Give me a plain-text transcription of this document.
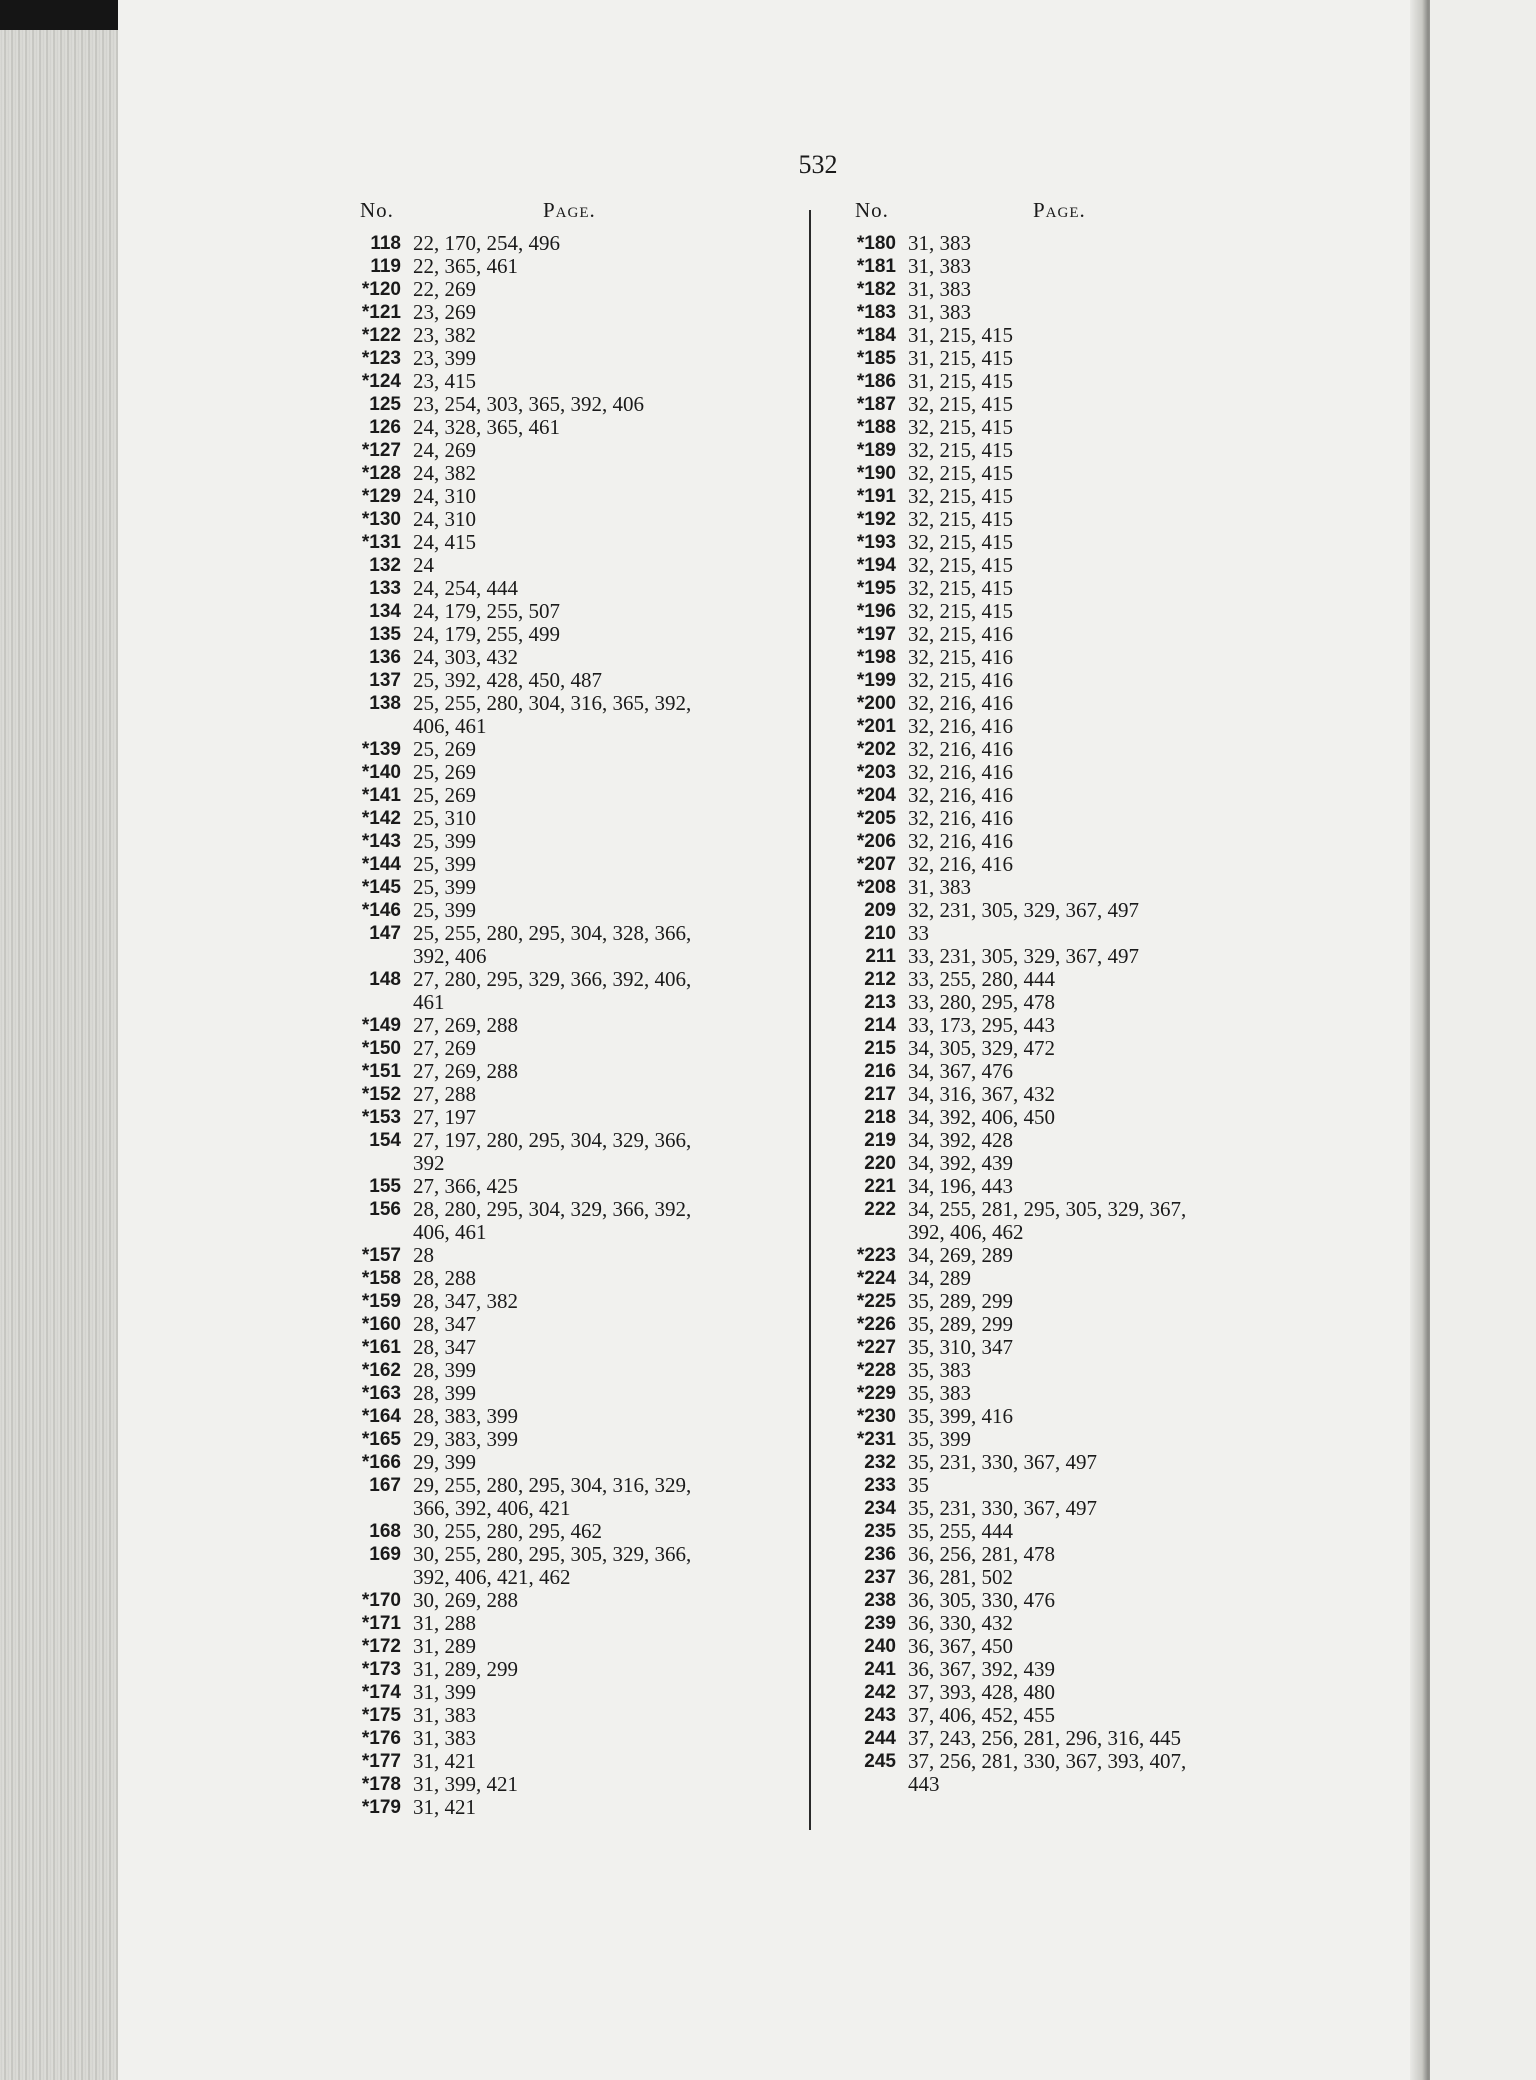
532
No.	Page.
118 22, 170, 254, 496
119 22, 365, 461
*120 22, 269
*121 23, 269
*122 23, 382
*123 23, 399
*124 23, 415
125 23, 254, 303, 365, 392, 406
126 24, 328, 365, 461
*127 24, 269
*128 24, 382
*129 24, 310
*130 24, 310
*131 24, 415
132 24
133 24, 254, 444
134 24, 179, 255, 507
135 24, 179, 255, 499
136 24, 303, 432
137 25, 392, 428, 450, 487
138 25, 255, 280, 304, 316, 365, 392,
406, 461
*139 25, 269
*140 25, 269
*141 25, 269
*142 25, 310
*143 25, 399
*144 25, 399
*145 25, 399
*146 25, 399
147 25, 255, 280, 295, 304, 328, 366,
392, 406
148 27, 280, 295, 329, 366, 392, 406,
461
*149 27, 269, 288
*150 27, 269
*151 27, 269, 288
*152 27, 288
*153 27, 197
154 27, 197, 280, 295, 304, 329, 366,
392
155 27, 366, 425
156 28, 280, 295, 304, 329, 366, 392,
406, 461
*157 28
*158 28, 288
*159 28, 347, 382
*160 28, 347
*161 28, 347
*162 28, 399
*163 28, 399
*164 28, 383, 399
*165 29, 383, 399
*166 29, 399
167 29, 255, 280, 295, 304, 316, 329,
366, 392, 406, 421
168 30, 255, 280, 295, 462
169 30, 255, 280, 295, 305, 329, 366,
392, 406, 421, 462
*170 30, 269, 288
*171 31, 288
*172 31, 289
*173 31, 289, 299
*174 31, 399
*175 31, 383
*176 31, 383
*177 31, 421
*178 31, 399, 421
*179 31, 421
No.	Page.
*180 31, 383
*181 31, 383
*182 31, 383
*183 31, 383
*184 31, 215, 415
*185 31, 215, 415
*186 31, 215, 415
*187 32, 215, 415
*188 32, 215, 415
*189 32, 215, 415
*190 32, 215, 415
*191 32, 215, 415
*192 32, 215, 415
*193 32, 215, 415
*194 32, 215, 415
*195 32, 215, 415
*196 32, 215, 415
*197 32, 215, 416
*198 32, 215, 416
*199 32, 215, 416
*200 32, 216, 416
*201 32, 216, 416
*202 32, 216, 416
*203 32, 216, 416
*204 32, 216, 416
*205 32, 216, 416
*206 32, 216, 416
*207 32, 216, 416
*208 31, 383
209 32, 231, 305, 329, 367, 497
210 33
211 33, 231, 305, 329, 367, 497
212 33, 255, 280, 444
213 33, 280, 295, 478
214 33, 173, 295, 443
215 34, 305, 329, 472
216 34, 367, 476
217 34, 316, 367, 432
218 34, 392, 406, 450
219 34, 392, 428
220 34, 392, 439
221 34, 196, 443
222 34, 255, 281, 295, 305, 329, 367,
392, 406, 462
*223 34, 269, 289
*224 34, 289
*225 35, 289, 299
*226 35, 289, 299
*227 35, 310, 347
*228 35, 383
*229 35, 383
*230 35, 399, 416
*231 35, 399
232 35, 231, 330, 367, 497
233 35
234 35, 231, 330, 367, 497
235 35, 255, 444
236 36, 256, 281, 478
237 36, 281, 502
238 36, 305, 330, 476
239 36, 330, 432
240 36, 367, 450
241 36, 367, 392, 439
242 37, 393, 428, 480
243 37, 406, 452, 455
244 37, 243, 256, 281, 296, 316, 445
245 37, 256, 281, 330, 367, 393, 407,
443
